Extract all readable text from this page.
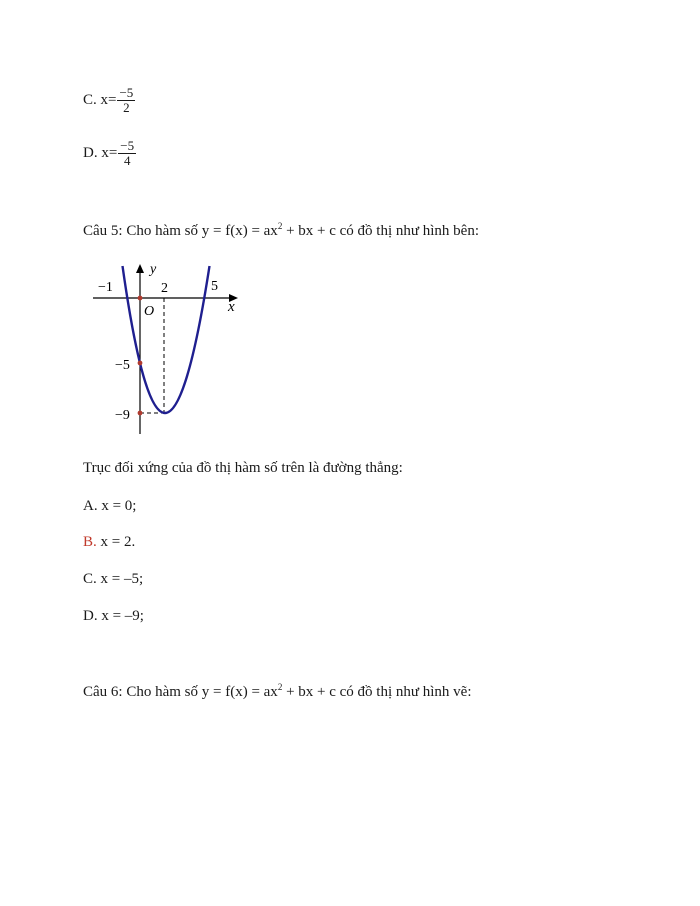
C. $x= \frac{-5}{2}$
D. $x= \frac{-5}{4}$
Câu 5: Cho hàm số $y = f(x) = ax^2$ + bx + c có đồ thị như hình bên:
y
x
O
−1	2	5
−5
−9
Trục đối xứng của đồ thị hàm số trên là đường thẳng:
A. x = 0;
B. x = 2.
C. x = –5;
D. x = –9;
Câu 6: Cho hàm số $y = f(x) = ax^2$ + bx + c có đồ thị như hình vẽ:
